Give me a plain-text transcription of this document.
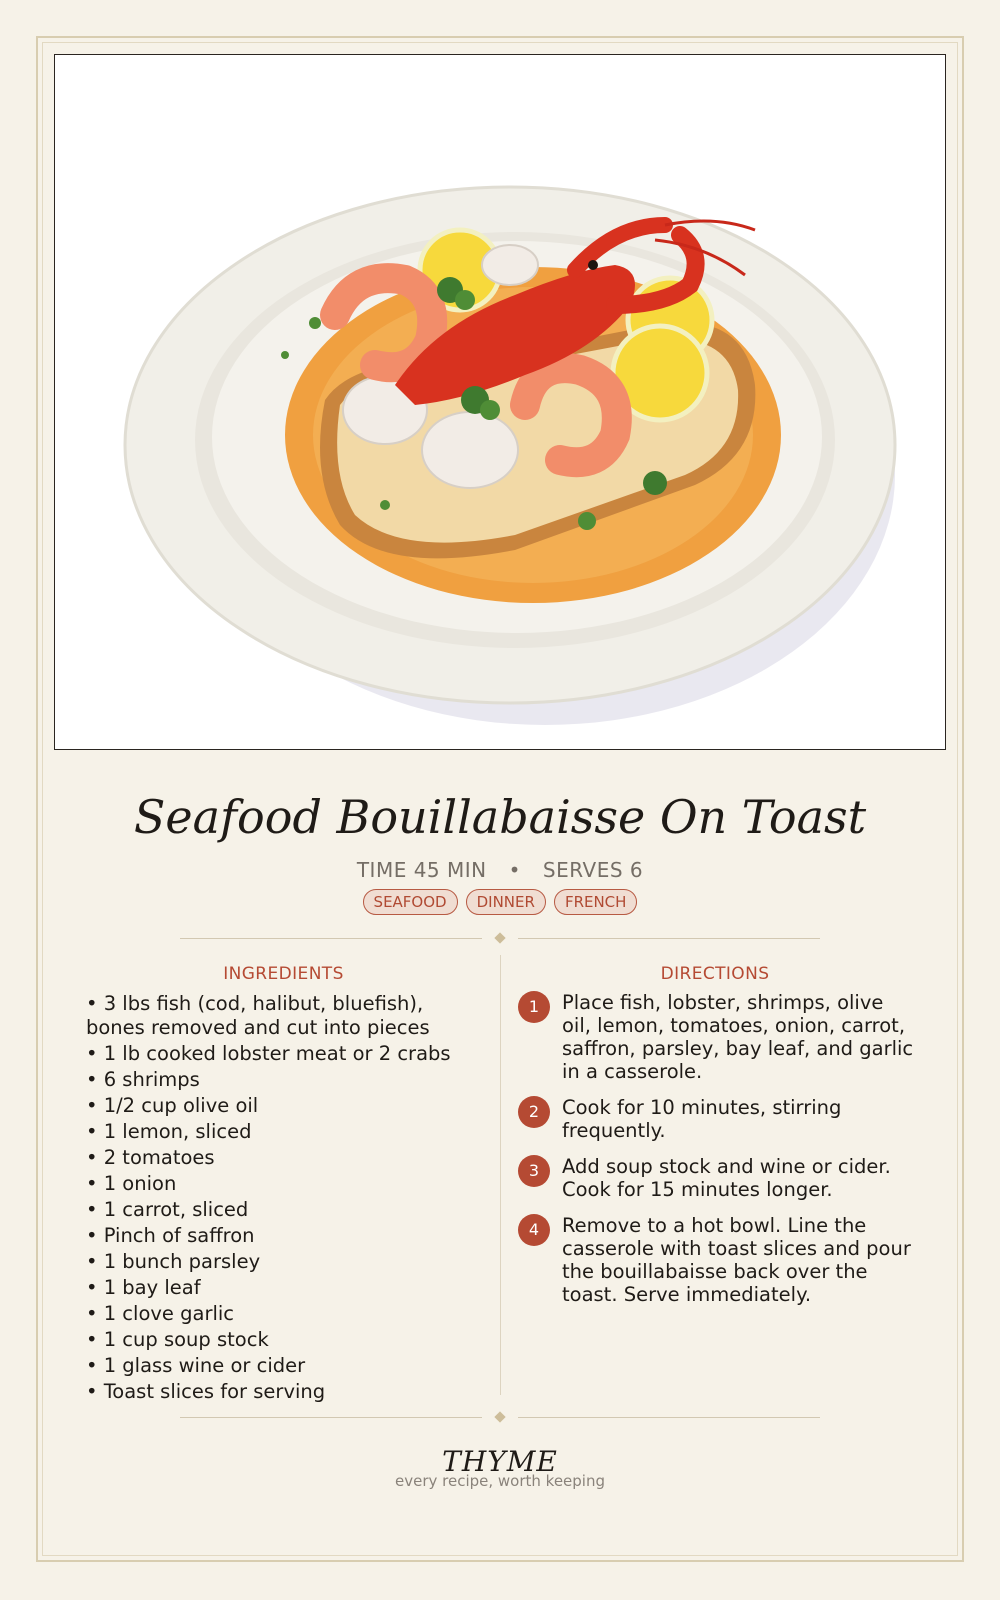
Seafood Bouillabaisse On Toast
TIME 45 MIN • SERVES 6
SEAFOOD	DINNER	FRENCH
INGREDIENTS	DIRECTIONS
• 3 lbs fish (cod, halibut, bluefish), bones removed and cut into pieces
• 1 lb cooked lobster meat or 2 crabs
• 6 shrimps
• 1/2 cup olive oil
• 1 lemon, sliced
• 2 tomatoes
• 1 onion
• 1 carrot, sliced
• Pinch of saffron
• 1 bunch parsley
• 1 bay leaf
• 1 clove garlic
• 1 cup soup stock
• 1 glass wine or cider
• Toast slices for serving
1	Place fish, lobster, shrimps, olive oil, lemon, tomatoes, onion, carrot, saffron, parsley, bay leaf, and garlic in a casserole.
2	Cook for 10 minutes, stirring frequently.
3	Add soup stock and wine or cider. Cook for 15 minutes longer.
4	Remove to a hot bowl. Line the casserole with toast slices and pour the bouillabaisse back over the toast. Serve immediately.
THYME
every recipe, worth keeping
